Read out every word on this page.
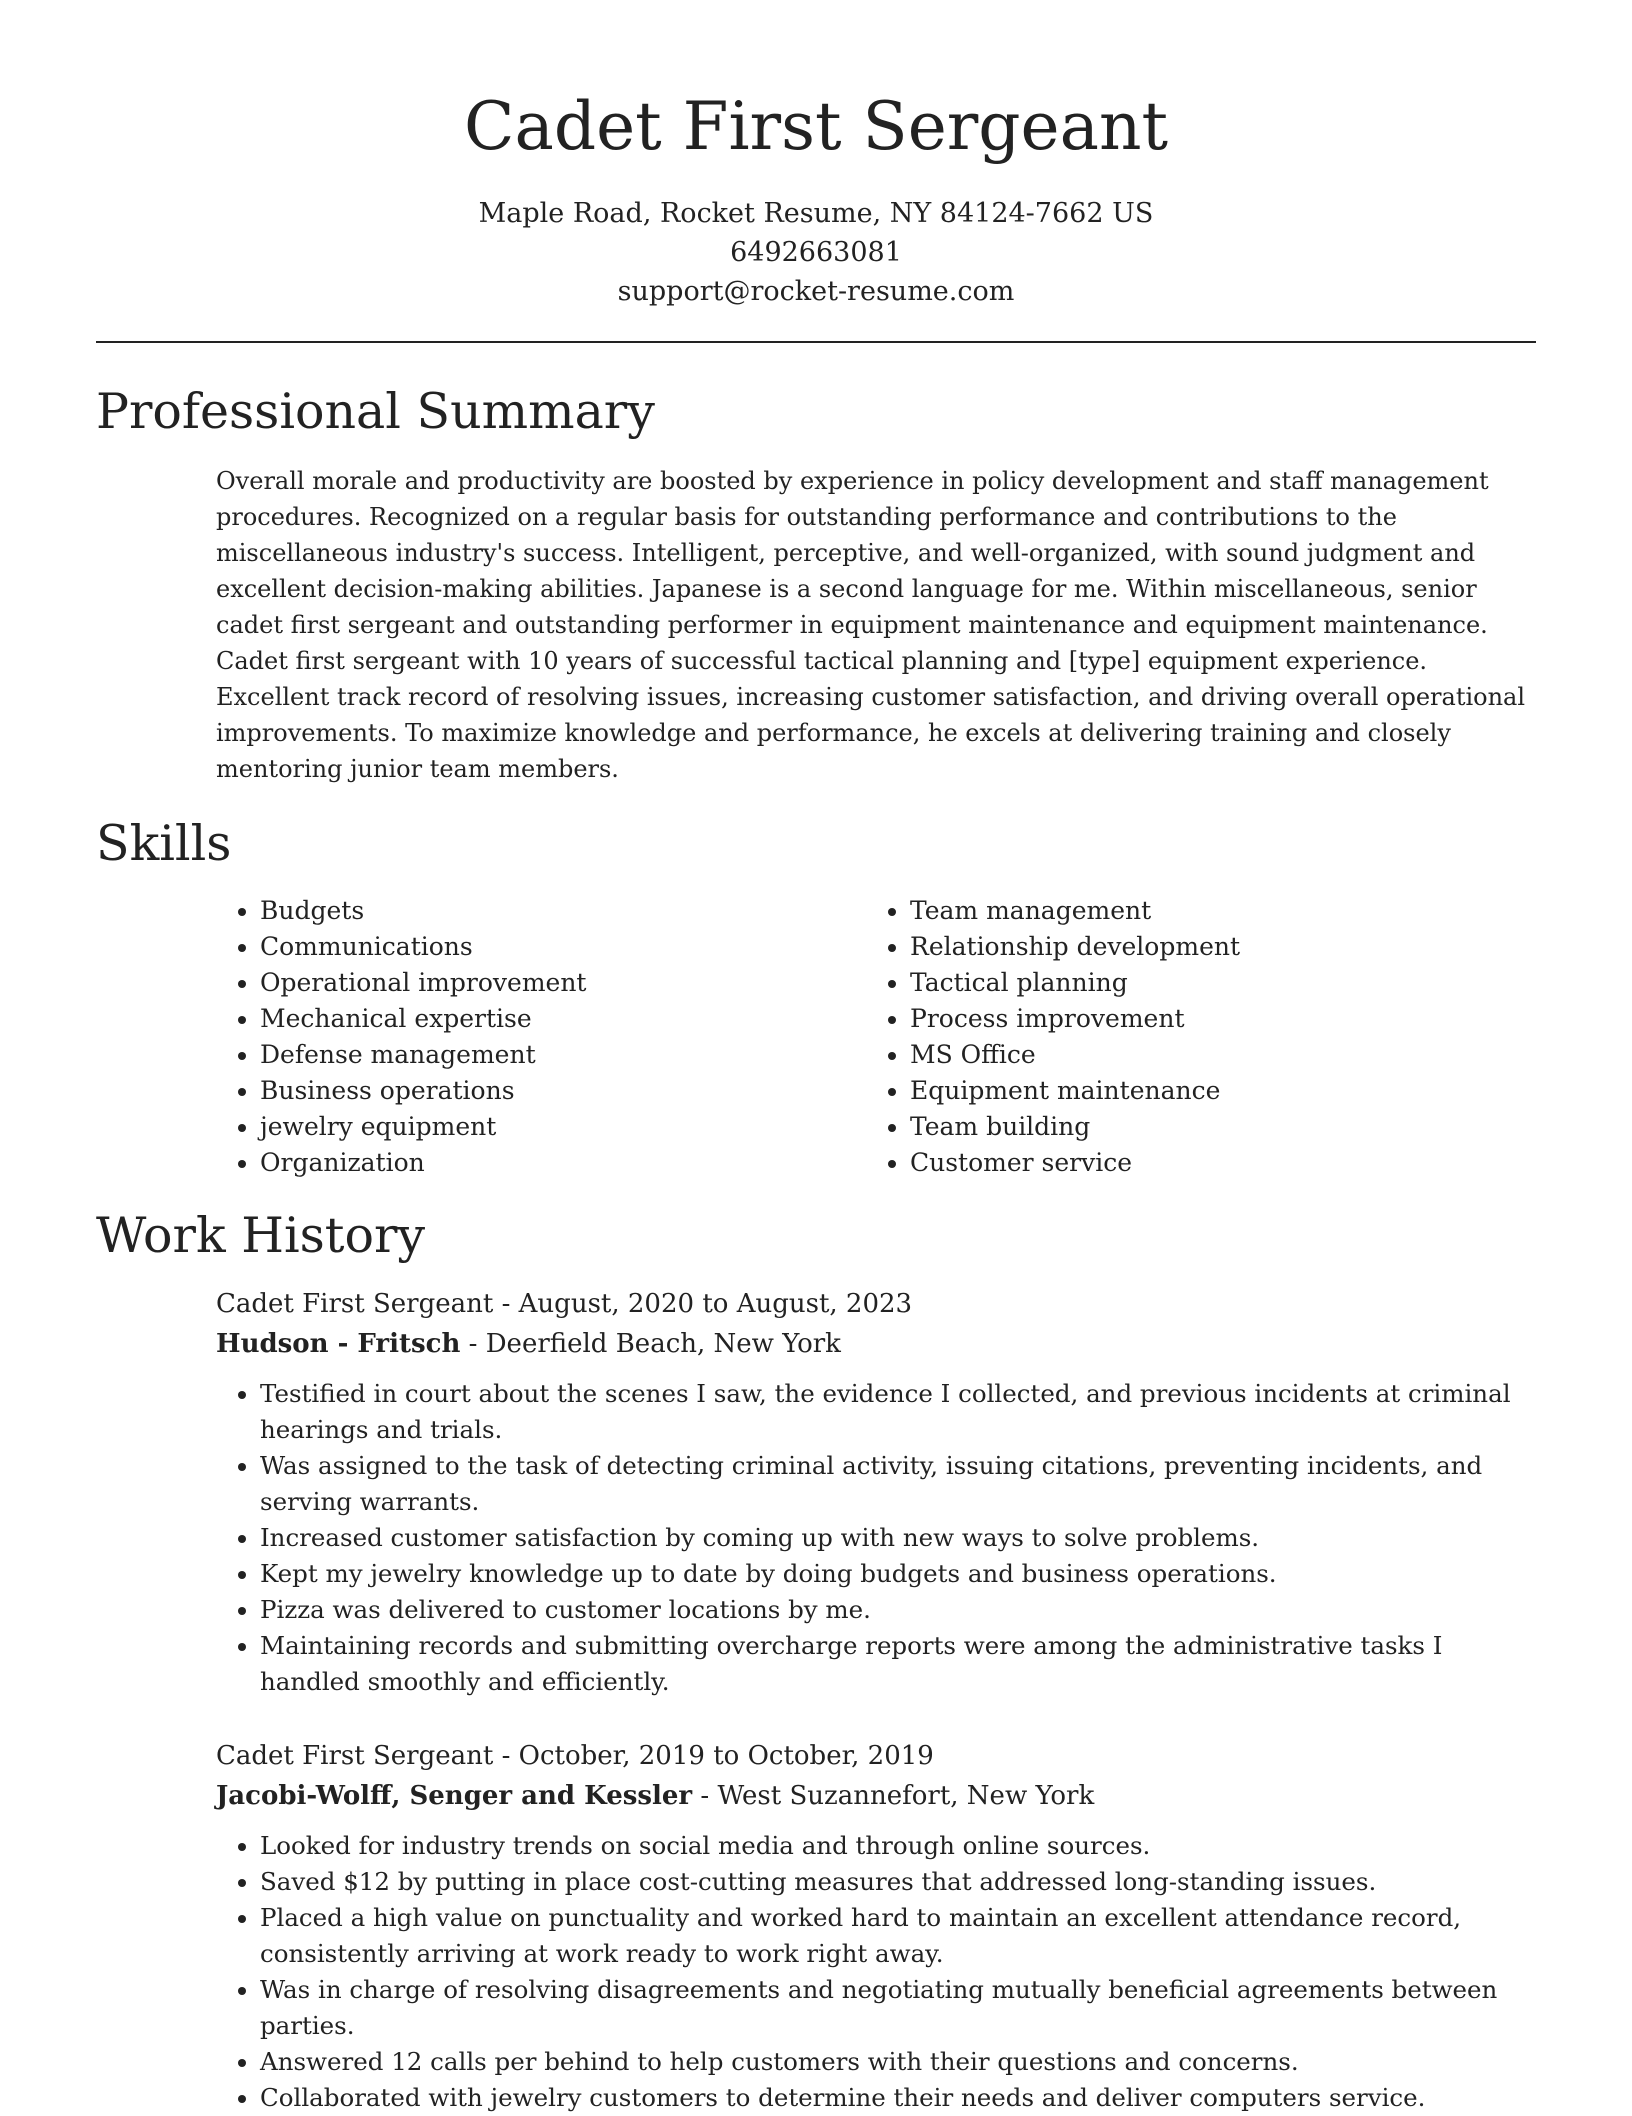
Cadet First Sergeant
Maple Road, Rocket Resume, NY 84124-7662 US
6492663081
support@rocket-resume.com
Professional Summary

Overall morale and productivity are boosted by experience in policy development and staff management procedures. Recognized on a regular basis for outstanding performance and contributions to the miscellaneous industry's success. Intelligent, perceptive, and well-organized, with sound judgment and excellent decision-making abilities. Japanese is a second language for me. Within miscellaneous, senior cadet first sergeant and outstanding performer in equipment maintenance and equipment maintenance. Cadet first sergeant with 10 years of successful tactical planning and [type] equipment experience. Excellent track record of resolving issues, increasing customer satisfaction, and driving overall operational improvements. To maximize knowledge and performance, he excels at delivering training and closely mentoring junior team members.

Skills
• Budgets
• Communications
• Operational improvement
• Mechanical expertise
• Defense management
• Business operations
• jewelry equipment
• Organization
• Team management
• Relationship development
• Tactical planning
• Process improvement
• MS Office
• Equipment maintenance
• Team building
• Customer service
Work History
Cadet First Sergeant - August, 2020 to August, 2023
Hudson - Fritsch - Deerfield Beach, New York
• Testified in court about the scenes I saw, the evidence I collected, and previous incidents at criminal hearings and trials.
• Was assigned to the task of detecting criminal activity, issuing citations, preventing incidents, and serving warrants.
• Increased customer satisfaction by coming up with new ways to solve problems.
• Kept my jewelry knowledge up to date by doing budgets and business operations.
• Pizza was delivered to customer locations by me.
• Maintaining records and submitting overcharge reports were among the administrative tasks I handled smoothly and efficiently.
Cadet First Sergeant - October, 2019 to October, 2019
Jacobi-Wolff, Senger and Kessler - West Suzannefort, New York
• Looked for industry trends on social media and through online sources.
• Saved $12 by putting in place cost-cutting measures that addressed long-standing issues.
• Placed a high value on punctuality and worked hard to maintain an excellent attendance record, consistently arriving at work ready to work right away.
• Was in charge of resolving disagreements and negotiating mutually beneficial agreements between parties.
• Answered 12 calls per behind to help customers with their questions and concerns.
• Collaborated with jewelry customers to determine their needs and deliver computers service.
